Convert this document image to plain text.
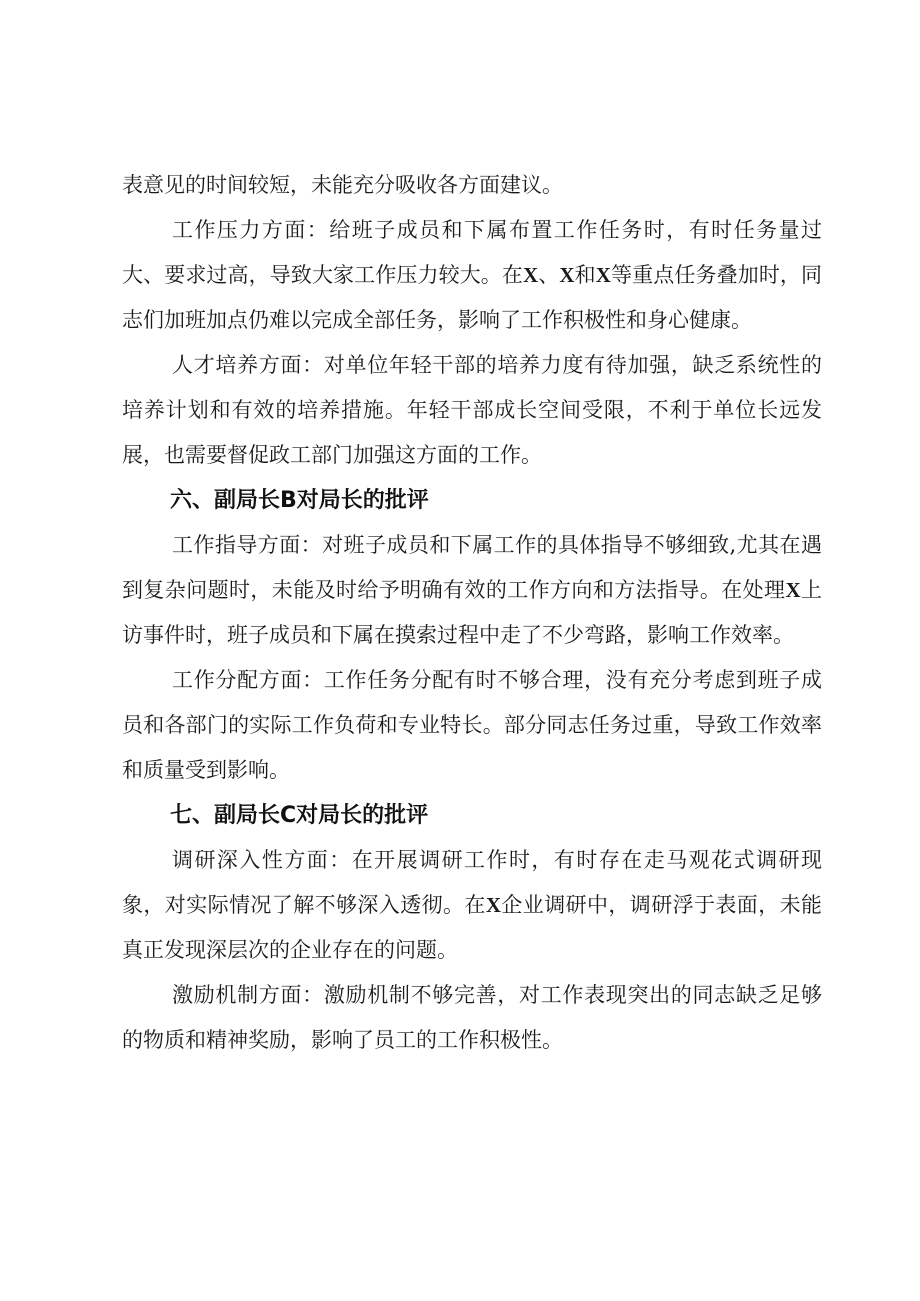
表意见的时间较短，未能充分吸收各方面建议。

工作压力方面：给班子成员和下属布置工作任务时，有时任务量过大、要求过高，导致大家工作压力较大。在X、X和X等重点任务叠加时，同志们加班加点仍难以完成全部任务，影响了工作积极性和身心健康。

人才培养方面：对单位年轻干部的培养力度有待加强，缺乏系统性的培养计划和有效的培养措施。年轻干部成长空间受限，不利于单位长远发展，也需要督促政工部门加强这方面的工作。

六、副局长B对局长的批评

工作指导方面：对班子成员和下属工作的具体指导不够细致,尤其在遇到复杂问题时，未能及时给予明确有效的工作方向和方法指导。在处理X上访事件时，班子成员和下属在摸索过程中走了不少弯路，影响工作效率。

工作分配方面：工作任务分配有时不够合理，没有充分考虑到班子成员和各部门的实际工作负荷和专业特长。部分同志任务过重，导致工作效率和质量受到影响。

七、副局长C对局长的批评

调研深入性方面：在开展调研工作时，有时存在走马观花式调研现象，对实际情况了解不够深入透彻。在X企业调研中，调研浮于表面，未能真正发现深层次的企业存在的问题。

激励机制方面：激励机制不够完善，对工作表现突出的同志缺乏足够的物质和精神奖励，影响了员工的工作积极性。
